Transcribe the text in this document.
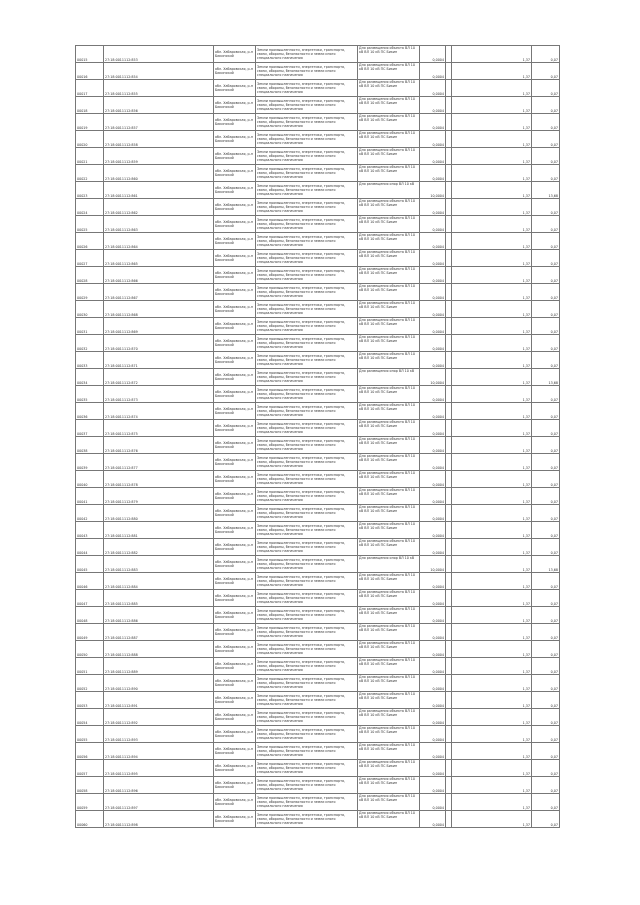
00015	27:18:0011112:853	обл. Хабаровская, р-н Бикинский	Земли промышленности, энергетики, транспорта, связи, обороны, безопасности и земли иного специального назначения	Для размещения объекта ВЛ 10 кВ ВЛ 10 кВ ПС Бикин	0,0004		1,37	0,07
00016	27:18:0011112:854	обл. Хабаровская, р-н Бикинский	Земли промышленности, энергетики, транспорта, связи, обороны, безопасности и земли иного специального назначения	Для размещения объекта ВЛ 10 кВ ВЛ 10 кВ ПС Бикин	0,0004		1,37	0,07
00017	27:18:0011112:855	обл. Хабаровская, р-н Бикинский	Земли промышленности, энергетики, транспорта, связи, обороны, безопасности и земли иного специального назначения	Для размещения объекта ВЛ 10 кВ ВЛ 10 кВ ПС Бикин	0,0004		1,37	0,07
00018	27:18:0011112:856	обл. Хабаровская, р-н Бикинский	Земли промышленности, энергетики, транспорта, связи, обороны, безопасности и земли иного специального назначения	Для размещения объекта ВЛ 10 кВ ВЛ 10 кВ ПС Бикин	0,0004		1,37	0,07
00019	27:18:0011112:857	обл. Хабаровская, р-н Бикинский	Земли промышленности, энергетики, транспорта, связи, обороны, безопасности и земли иного специального назначения	Для размещения объекта ВЛ 10 кВ ВЛ 10 кВ ПС Бикин	0,0004		1,37	0,07
00020	27:18:0011112:858	обл. Хабаровская, р-н Бикинский	Земли промышленности, энергетики, транспорта, связи, обороны, безопасности и земли иного специального назначения	Для размещения объекта ВЛ 10 кВ ВЛ 10 кВ ПС Бикин	0,0004		1,37	0,07
00021	27:18:0011112:859	обл. Хабаровская, р-н Бикинский	Земли промышленности, энергетики, транспорта, связи, обороны, безопасности и земли иного специального назначения	Для размещения объекта ВЛ 10 кВ ВЛ 10 кВ ПС Бикин	0,0004		1,37	0,07
00022	27:18:0011112:860	обл. Хабаровская, р-н Бикинский	Земли промышленности, энергетики, транспорта, связи, обороны, безопасности и земли иного специального назначения	Для размещения объекта ВЛ 10 кВ ВЛ 10 кВ ПС Бикин	0,0004		1,37	0,07
00023	27:18:0011112:861	обл. Хабаровская, р-н Бикинский	Земли промышленности, энергетики, транспорта, связи, обороны, безопасности и земли иного специального назначения	Для размещения опор ВЛ 10 кВ	10,0004		1,37	13,68
00024	27:18:0011112:862	обл. Хабаровская, р-н Бикинский	Земли промышленности, энергетики, транспорта, связи, обороны, безопасности и земли иного специального назначения	Для размещения объекта ВЛ 10 кВ ВЛ 10 кВ ПС Бикин	0,0004		1,37	0,07
00025	27:18:0011112:863	обл. Хабаровская, р-н Бикинский	Земли промышленности, энергетики, транспорта, связи, обороны, безопасности и земли иного специального назначения	Для размещения объекта ВЛ 10 кВ ВЛ 10 кВ ПС Бикин	0,0004		1,37	0,07
00026	27:18:0011112:864	обл. Хабаровская, р-н Бикинский	Земли промышленности, энергетики, транспорта, связи, обороны, безопасности и земли иного специального назначения	Для размещения объекта ВЛ 10 кВ ВЛ 10 кВ ПС Бикин	0,0004		1,37	0,07
00027	27:18:0011112:865	обл. Хабаровская, р-н Бикинский	Земли промышленности, энергетики, транспорта, связи, обороны, безопасности и земли иного специального назначения	Для размещения объекта ВЛ 10 кВ ВЛ 10 кВ ПС Бикин	0,0004		1,37	0,07
00028	27:18:0011112:866	обл. Хабаровская, р-н Бикинский	Земли промышленности, энергетики, транспорта, связи, обороны, безопасности и земли иного специального назначения	Для размещения объекта ВЛ 10 кВ ВЛ 10 кВ ПС Бикин	0,0004		1,37	0,07
00029	27:18:0011112:867	обл. Хабаровская, р-н Бикинский	Земли промышленности, энергетики, транспорта, связи, обороны, безопасности и земли иного специального назначения	Для размещения объекта ВЛ 10 кВ ВЛ 10 кВ ПС Бикин	0,0004		1,37	0,07
00030	27:18:0011112:868	обл. Хабаровская, р-н Бикинский	Земли промышленности, энергетики, транспорта, связи, обороны, безопасности и земли иного специального назначения	Для размещения объекта ВЛ 10 кВ ВЛ 10 кВ ПС Бикин	0,0004		1,37	0,07
00031	27:18:0011112:869	обл. Хабаровская, р-н Бикинский	Земли промышленности, энергетики, транспорта, связи, обороны, безопасности и земли иного специального назначения	Для размещения объекта ВЛ 10 кВ ВЛ 10 кВ ПС Бикин	0,0004		1,37	0,07
00032	27:18:0011112:870	обл. Хабаровская, р-н Бикинский	Земли промышленности, энергетики, транспорта, связи, обороны, безопасности и земли иного специального назначения	Для размещения объекта ВЛ 10 кВ ВЛ 10 кВ ПС Бикин	0,0004		1,37	0,07
00033	27:18:0011112:871	обл. Хабаровская, р-н Бикинский	Земли промышленности, энергетики, транспорта, связи, обороны, безопасности и земли иного специального назначения	Для размещения объекта ВЛ 10 кВ ВЛ 10 кВ ПС Бикин	0,0004		1,37	0,07
00034	27:18:0011112:872	обл. Хабаровская, р-н Бикинский	Земли промышленности, энергетики, транспорта, связи, обороны, безопасности и земли иного специального назначения	Для размещения опор ВЛ 10 кВ	10,0004		1,37	13,68
00035	27:18:0011112:873	обл. Хабаровская, р-н Бикинский	Земли промышленности, энергетики, транспорта, связи, обороны, безопасности и земли иного специального назначения	Для размещения объекта ВЛ 10 кВ ВЛ 10 кВ ПС Бикин	0,0004		1,37	0,07
00036	27:18:0011112:874	обл. Хабаровская, р-н Бикинский	Земли промышленности, энергетики, транспорта, связи, обороны, безопасности и земли иного специального назначения	Для размещения объекта ВЛ 10 кВ ВЛ 10 кВ ПС Бикин	0,0004		1,37	0,07
00037	27:18:0011112:875	обл. Хабаровская, р-н Бикинский	Земли промышленности, энергетики, транспорта, связи, обороны, безопасности и земли иного специального назначения	Для размещения объекта ВЛ 10 кВ ВЛ 10 кВ ПС Бикин	0,0004		1,37	0,07
00038	27:18:0011112:876	обл. Хабаровская, р-н Бикинский	Земли промышленности, энергетики, транспорта, связи, обороны, безопасности и земли иного специального назначения	Для размещения объекта ВЛ 10 кВ ВЛ 10 кВ ПС Бикин	0,0004		1,37	0,07
00039	27:18:0011112:877	обл. Хабаровская, р-н Бикинский	Земли промышленности, энергетики, транспорта, связи, обороны, безопасности и земли иного специального назначения	Для размещения объекта ВЛ 10 кВ ВЛ 10 кВ ПС Бикин	0,0004		1,37	0,07
00040	27:18:0011112:878	обл. Хабаровская, р-н Бикинский	Земли промышленности, энергетики, транспорта, связи, обороны, безопасности и земли иного специального назначения	Для размещения объекта ВЛ 10 кВ ВЛ 10 кВ ПС Бикин	0,0004		1,37	0,07
00041	27:18:0011112:879	обл. Хабаровская, р-н Бикинский	Земли промышленности, энергетики, транспорта, связи, обороны, безопасности и земли иного специального назначения	Для размещения объекта ВЛ 10 кВ ВЛ 10 кВ ПС Бикин	0,0004		1,37	0,07
00042	27:18:0011112:880	обл. Хабаровская, р-н Бикинский	Земли промышленности, энергетики, транспорта, связи, обороны, безопасности и земли иного специального назначения	Для размещения объекта ВЛ 10 кВ ВЛ 10 кВ ПС Бикин	0,0004		1,37	0,07
00043	27:18:0011112:881	обл. Хабаровская, р-н Бикинский	Земли промышленности, энергетики, транспорта, связи, обороны, безопасности и земли иного специального назначения	Для размещения объекта ВЛ 10 кВ ВЛ 10 кВ ПС Бикин	0,0004		1,37	0,07
00044	27:18:0011112:882	обл. Хабаровская, р-н Бикинский	Земли промышленности, энергетики, транспорта, связи, обороны, безопасности и земли иного специального назначения	Для размещения объекта ВЛ 10 кВ ВЛ 10 кВ ПС Бикин	0,0004		1,37	0,07
00045	27:18:0011112:883	обл. Хабаровская, р-н Бикинский	Земли промышленности, энергетики, транспорта, связи, обороны, безопасности и земли иного специального назначения	Для размещения опор ВЛ 10 кВ	10,0004		1,37	13,68
00046	27:18:0011112:884	обл. Хабаровская, р-н Бикинский	Земли промышленности, энергетики, транспорта, связи, обороны, безопасности и земли иного специального назначения	Для размещения объекта ВЛ 10 кВ ВЛ 10 кВ ПС Бикин	0,0004		1,37	0,07
00047	27:18:0011112:885	обл. Хабаровская, р-н Бикинский	Земли промышленности, энергетики, транспорта, связи, обороны, безопасности и земли иного специального назначения	Для размещения объекта ВЛ 10 кВ ВЛ 10 кВ ПС Бикин	0,0004		1,37	0,07
00048	27:18:0011112:886	обл. Хабаровская, р-н Бикинский	Земли промышленности, энергетики, транспорта, связи, обороны, безопасности и земли иного специального назначения	Для размещения объекта ВЛ 10 кВ ВЛ 10 кВ ПС Бикин	0,0004		1,37	0,07
00049	27:18:0011112:887	обл. Хабаровская, р-н Бикинский	Земли промышленности, энергетики, транспорта, связи, обороны, безопасности и земли иного специального назначения	Для размещения объекта ВЛ 10 кВ ВЛ 10 кВ ПС Бикин	0,0004		1,37	0,07
00050	27:18:0011112:888	обл. Хабаровская, р-н Бикинский	Земли промышленности, энергетики, транспорта, связи, обороны, безопасности и земли иного специального назначения	Для размещения объекта ВЛ 10 кВ ВЛ 10 кВ ПС Бикин	0,0004		1,37	0,07
00051	27:18:0011112:889	обл. Хабаровская, р-н Бикинский	Земли промышленности, энергетики, транспорта, связи, обороны, безопасности и земли иного специального назначения	Для размещения объекта ВЛ 10 кВ ВЛ 10 кВ ПС Бикин	0,0004		1,37	0,07
00052	27:18:0011112:890	обл. Хабаровская, р-н Бикинский	Земли промышленности, энергетики, транспорта, связи, обороны, безопасности и земли иного специального назначения	Для размещения объекта ВЛ 10 кВ ВЛ 10 кВ ПС Бикин	0,0004		1,37	0,07
00053	27:18:0011112:891	обл. Хабаровская, р-н Бикинский	Земли промышленности, энергетики, транспорта, связи, обороны, безопасности и земли иного специального назначения	Для размещения объекта ВЛ 10 кВ ВЛ 10 кВ ПС Бикин	0,0004		1,37	0,07
00054	27:18:0011112:892	обл. Хабаровская, р-н Бикинский	Земли промышленности, энергетики, транспорта, связи, обороны, безопасности и земли иного специального назначения	Для размещения объекта ВЛ 10 кВ ВЛ 10 кВ ПС Бикин	0,0004		1,37	0,07
00055	27:18:0011112:893	обл. Хабаровская, р-н Бикинский	Земли промышленности, энергетики, транспорта, связи, обороны, безопасности и земли иного специального назначения	Для размещения объекта ВЛ 10 кВ ВЛ 10 кВ ПС Бикин	0,0004		1,37	0,07
00056	27:18:0011112:894	обл. Хабаровская, р-н Бикинский	Земли промышленности, энергетики, транспорта, связи, обороны, безопасности и земли иного специального назначения	Для размещения объекта ВЛ 10 кВ ВЛ 10 кВ ПС Бикин	0,0004		1,37	0,07
00057	27:18:0011112:895	обл. Хабаровская, р-н Бикинский	Земли промышленности, энергетики, транспорта, связи, обороны, безопасности и земли иного специального назначения	Для размещения объекта ВЛ 10 кВ ВЛ 10 кВ ПС Бикин	0,0004		1,37	0,07
00058	27:18:0011112:896	обл. Хабаровская, р-н Бикинский	Земли промышленности, энергетики, транспорта, связи, обороны, безопасности и земли иного специального назначения	Для размещения объекта ВЛ 10 кВ ВЛ 10 кВ ПС Бикин	0,0004		1,37	0,07
00059	27:18:0011112:897	обл. Хабаровская, р-н Бикинский	Земли промышленности, энергетики, транспорта, связи, обороны, безопасности и земли иного специального назначения	Для размещения объекта ВЛ 10 кВ ВЛ 10 кВ ПС Бикин	0,0004		1,37	0,07
00060	27:18:0011112:898	обл. Хабаровская, р-н Бикинский	Земли промышленности, энергетики, транспорта, связи, обороны, безопасности и земли иного специального назначения	Для размещения объекта ВЛ 10 кВ ВЛ 10 кВ ПС Бикин	0,0004		1,37	0,07
